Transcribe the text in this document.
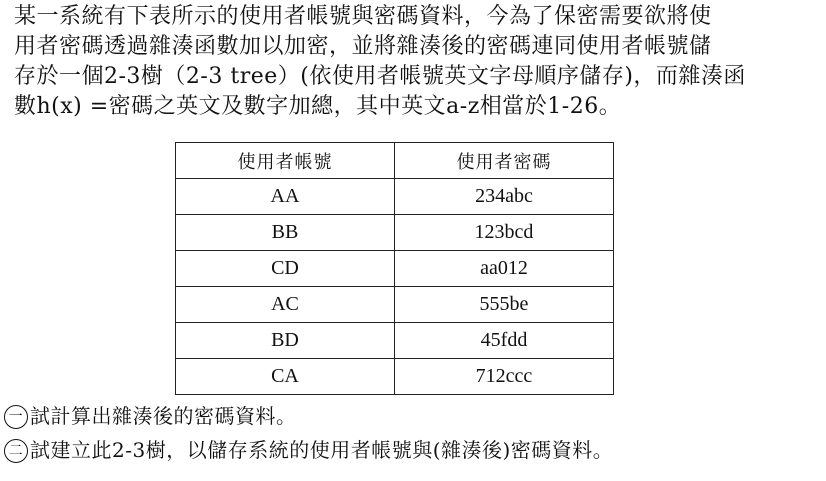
某一系統有下表所示的使用者帳號與密碼資料，今為了保密需要欲將使

用者密碼透過雜湊函數加以加密，並將雜湊後的密碼連同使用者帳號儲

存於一個2-3樹（2-3 tree）(依使用者帳號英文字母順序儲存)，而雜湊函

數h(x) =密碼之英文及數字加總，其中英文a-z相當於1-26。

使用者帳號	使用者密碼
AA	234abc
BB	123bcd
CD	aa012
AC	555be
BD	45fdd
CA	712ccc
一 試計算出雜湊後的密碼資料。
二 試建立此2-3樹，以儲存系統的使用者帳號與(雜湊後)密碼資料。
